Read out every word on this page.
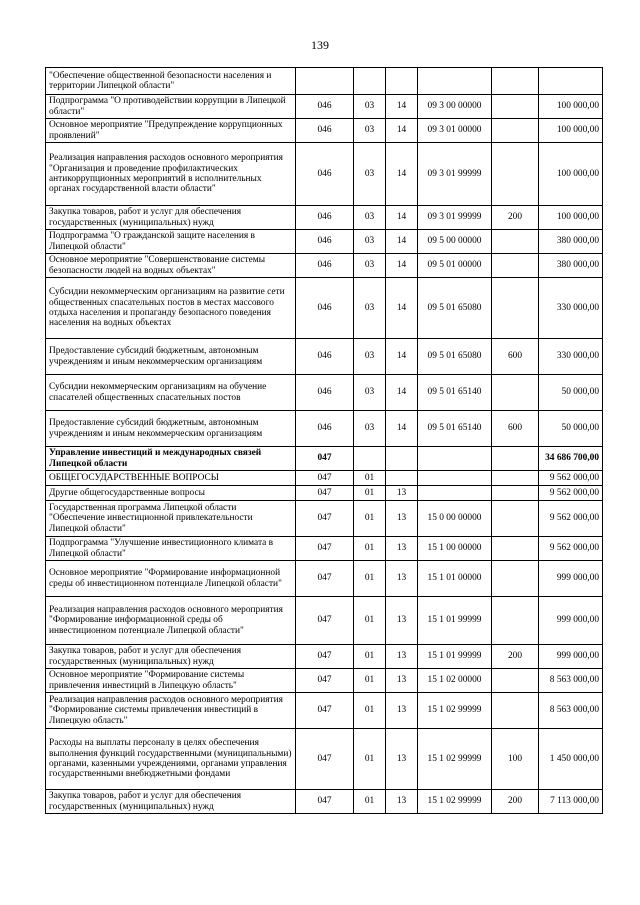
139
"Обеспечение общественной безопасности населения и территории Липецкой области"						
Подпрограмма "О противодействии коррупции в Липецкой области"	046	03	14	09 3 00 00000		100 000,00
Основное мероприятие "Предупреждение коррупционных проявлений"	046	03	14	09 3 01 00000		100 000,00
Реализация направления расходов основного мероприятия "Организация и проведение профилактических антикоррупционных мероприятий в исполнительных органах государственной власти области"	046	03	14	09 3 01 99999		100 000,00
Закупка товаров, работ и услуг для обеспечения государственных (муниципальных) нужд	046	03	14	09 3 01 99999	200	100 000,00
Подпрограмма "О гражданской защите населения в Липецкой области"	046	03	14	09 5 00 00000		380 000,00
Основное мероприятие "Совершенствование системы безопасности людей на водных объектах"	046	03	14	09 5 01 00000		380 000,00
Субсидии некоммерческим организациям на развитие сети общественных спасательных постов в местах массового отдыха населения и пропаганду безопасного поведения населения на водных объектах	046	03	14	09 5 01 65080		330 000,00
Предоставление субсидий бюджетным, автономным учреждениям и иным некоммерческим организациям	046	03	14	09 5 01 65080	600	330 000,00
Субсидии некоммерческим организациям на обучение спасателей общественных спасательных постов	046	03	14	09 5 01 65140		50 000,00
Предоставление субсидий бюджетным, автономным учреждениям и иным некоммерческим организациям	046	03	14	09 5 01 65140	600	50 000,00
Управление инвестиций и международных связей Липецкой области	047					34 686 700,00
ОБЩЕГОСУДАРСТВЕННЫЕ ВОПРОСЫ	047	01				9 562 000,00
Другие общегосударственные вопросы	047	01	13			9 562 000,00
Государственная программа Липецкой области "Обеспечение инвестиционной привлекательности Липецкой области"	047	01	13	15 0 00 00000		9 562 000,00
Подпрограмма "Улучшение инвестиционного климата в Липецкой области"	047	01	13	15 1 00 00000		9 562 000,00
Основное мероприятие "Формирование информационной среды об инвестиционном потенциале Липецкой области"	047	01	13	15 1 01 00000		999 000,00
Реализация направления расходов основного мероприятия "Формирование информационной среды об инвестиционном потенциале Липецкой области"	047	01	13	15 1 01 99999		999 000,00
Закупка товаров, работ и услуг для обеспечения государственных (муниципальных) нужд	047	01	13	15 1 01 99999	200	999 000,00
Основное мероприятие "Формирование системы привлечения инвестиций в Липецкую область"	047	01	13	15 1 02 00000		8 563 000,00
Реализация направления расходов основного мероприятия "Формирование системы привлечения инвестиций в Липецкую область"	047	01	13	15 1 02 99999		8 563 000,00
Расходы на выплаты персоналу в целях обеспечения выполнения функций государственными (муниципальными) органами, казенными учреждениями, органами управления государственными внебюджетными фондами	047	01	13	15 1 02 99999	100	1 450 000,00
Закупка товаров, работ и услуг для обеспечения государственных (муниципальных) нужд	047	01	13	15 1 02 99999	200	7 113 000,00
